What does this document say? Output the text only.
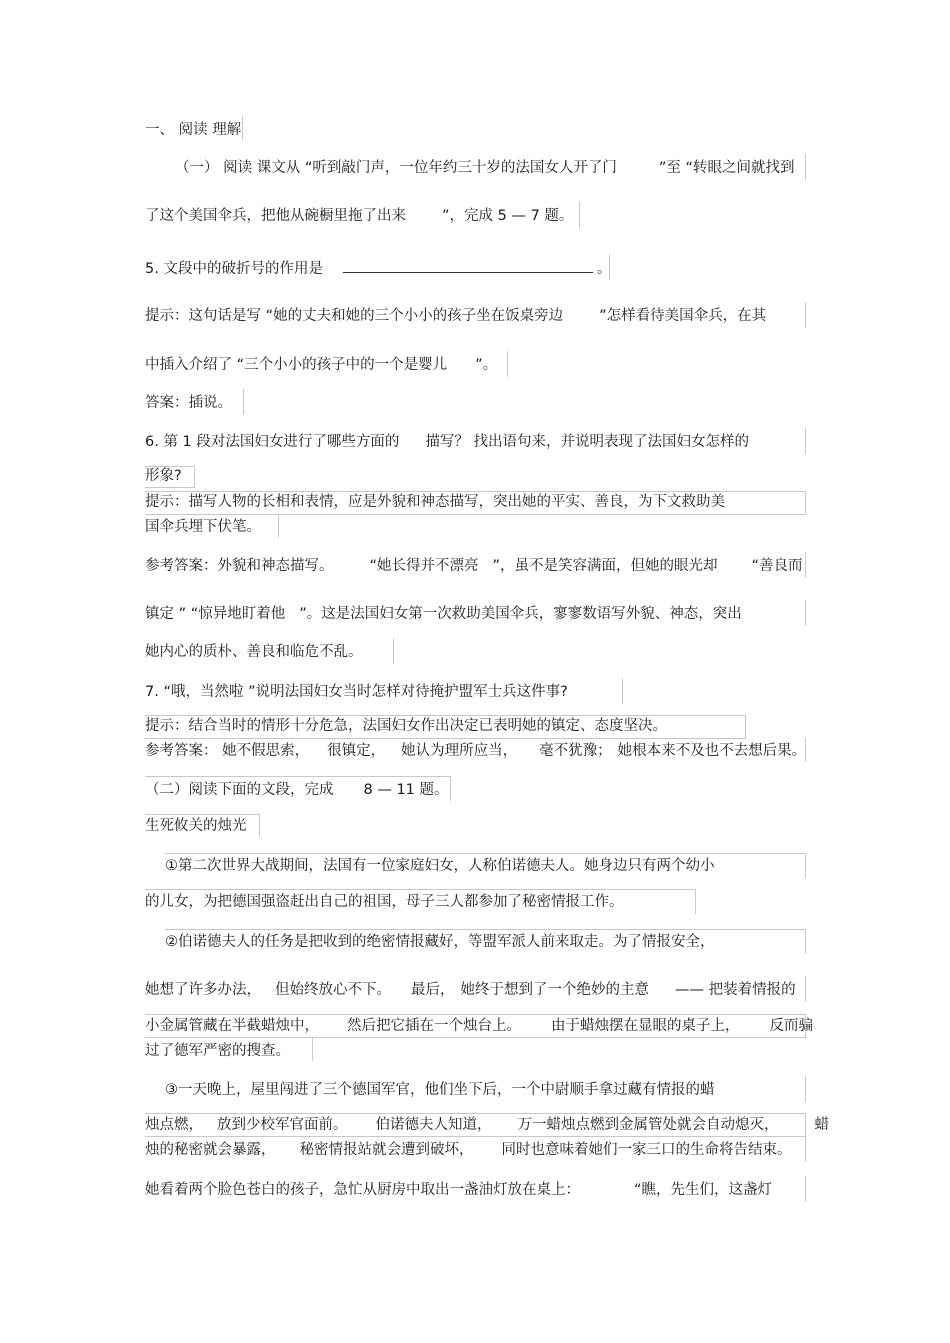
一、 阅读 理解
（一） 阅读 课文从 “听到敲门声，一位年约三十岁的法国女人开了门	”至 “转眼之间就找到
了这个美国伞兵，把他从碗橱里拖了出来 ”，完成 5 — 7 题。
5. 文段中的破折号的作用是	。
提示：这句话是写 “她的丈夫和她的三个小小的孩子坐在饭桌旁边 ”怎样看待美国伞兵，在其
中插入介绍了 “三个小小的孩子中的一个是婴儿 ”。
答案：插说。
6. 第 1 段对法国妇女进行了哪些方面的 描写？ 找出语句来，并说明表现了法国妇女怎样的
形象?
提示：描写人物的长相和表情，应是外貌和神态描写，突出她的平实、善良，为下文救助美
国伞兵埋下伏笔。
参考答案：外貌和神态描写。 “她长得并不漂亮 ”，虽不是笑容满面，但她的眼光却 “善良而
镇定 ” “惊异地盯着他 ”。这是法国妇女第一次救助美国伞兵，寥寥数语写外貌、神态，突出
她内心的质朴、善良和临危不乱。
7. “哦，当然啦 ”说明法国妇女当时怎样对待掩护盟军士兵这件事?
提示：结合当时的情形十分危急，法国妇女作出决定已表明她的镇定、态度坚决。
参考答案： 她不假思索， 很镇定， 她认为理所应当， 毫不犹豫； 她根本来不及也不去想后果。
（二）阅读下面的文段，完成 8 — 11 题。
生死攸关的烛光
①第二次世界大战期间，法国有一位家庭妇女，人称伯诺德夫人。她身边只有两个幼小
的儿女，为把德国强盗赶出自己的祖国，母子三人都参加了秘密情报工作。
②伯诺德夫人的任务是把收到的绝密情报藏好，等盟军派人前来取走。为了情报安全，
她想了许多办法， 但始终放心不下。 最后， 她终于想到了一个绝妙的主意 —— 把装着情报的
小金属管藏在半截蜡烛中， 然后把它插在一个烛台上。 由于蜡烛摆在显眼的桌子上， 反而骗
过了德军严密的搜查。
③一天晚上，屋里闯进了三个德国军官，他们坐下后，一个中尉顺手拿过藏有情报的蜡
烛点燃， 放到少校军官面前。 伯诺德夫人知道， 万一蜡烛点燃到金属管处就会自动熄灭， 蜡
烛的秘密就会暴露， 秘密情报站就会遭到破坏， 同时也意味着她们一家三口的生命将告结束。
她看着两个脸色苍白的孩子，急忙从厨房中取出一盏油灯放在桌上：	“瞧，先生们，这盏灯
